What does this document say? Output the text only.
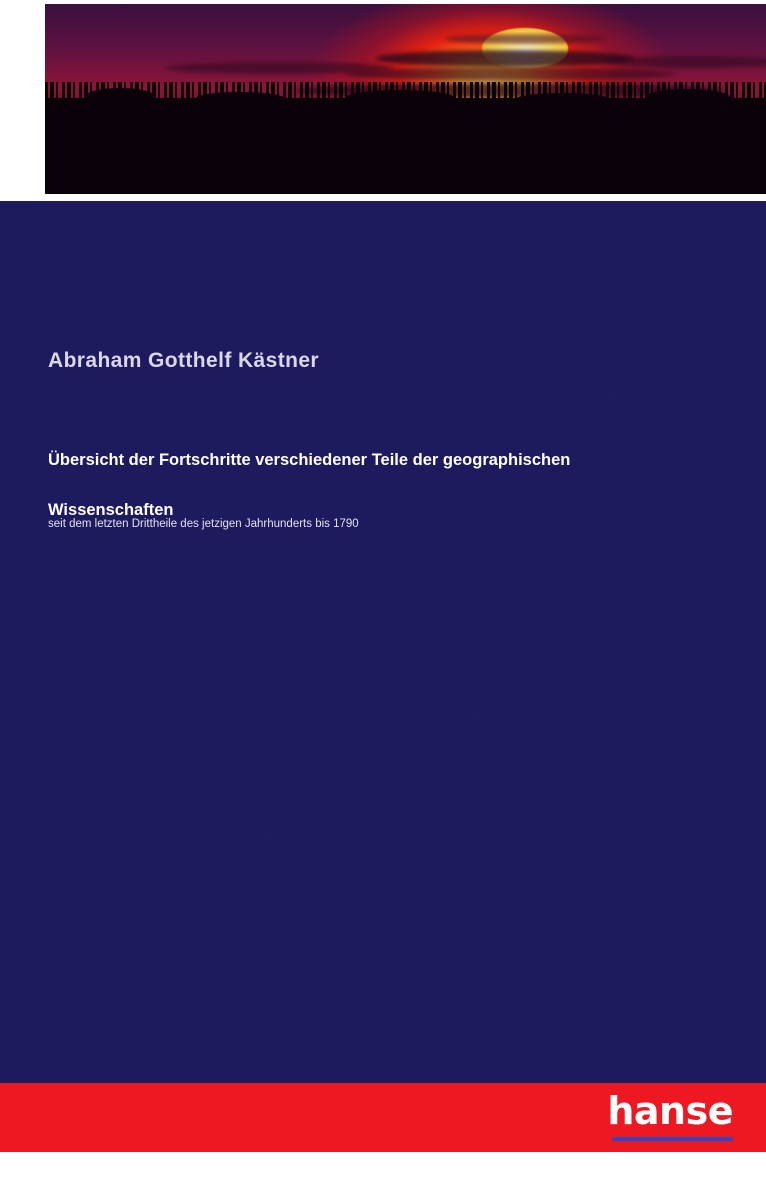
Abraham Gotthelf Kästner
Übersicht der Fortschritte verschiedener Teile der geographischen Wissenschaften
seit dem letzten Drittheile des jetzigen Jahrhunderts bis 1790
hanse
